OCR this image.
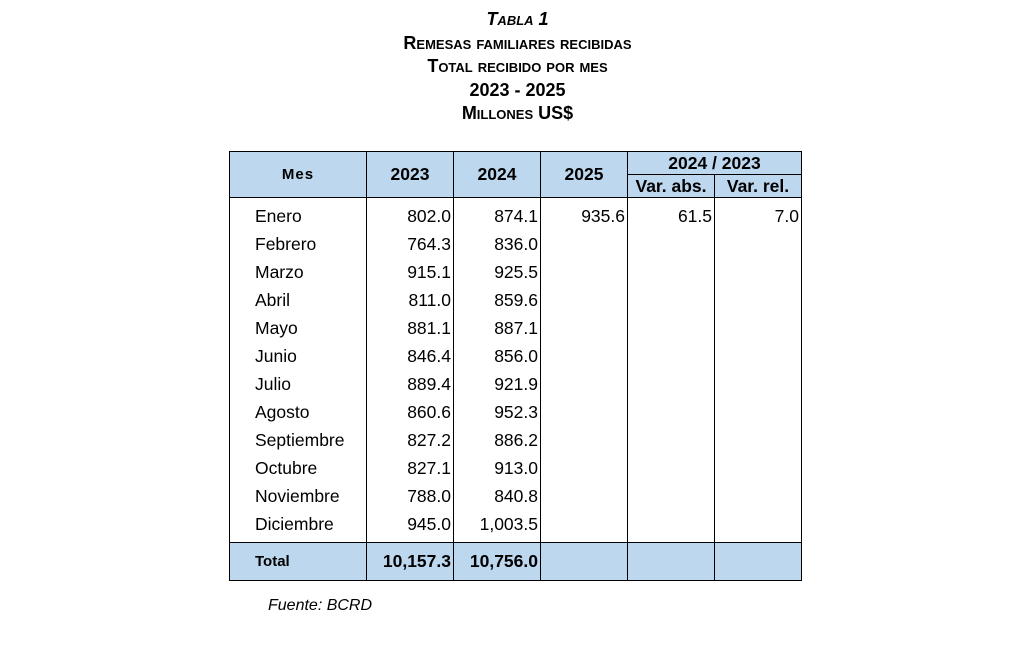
Tabla 1
Remesas familiares recibidas
Total recibido por mes
2023 - 2025
Millones US$
Mes	2023	2024	2025	2024 / 2023	
				Var. abs.	Var. rel.
Enero	802.0	874.1	935.6	61.5	7.0
Febrero	764.3	836.0			
Marzo	915.1	925.5			
Abril	811.0	859.6			
Mayo	881.1	887.1			
Junio	846.4	856.0			
Julio	889.4	921.9			
Agosto	860.6	952.3			
Septiembre	827.2	886.2			
Octubre	827.1	913.0			
Noviembre	788.0	840.8			
Diciembre	945.0	1,003.5			
Total	10,157.3	10,756.0			
Fuente: BCRD
